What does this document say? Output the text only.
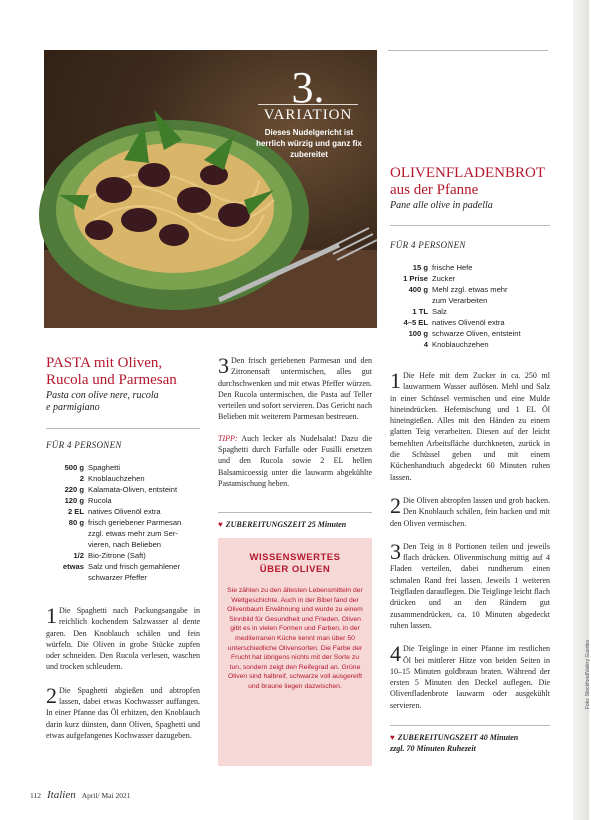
3.
VARIATION
Dieses Nudelgericht ist herrlich würzig und ganz fix zubereitet
PASTA mit Oliven,
Rucola und Parmesan
Pasta con olive nere, rucola
e parmigiano
FÜR 4 PERSONEN
500 g Spaghetti
2 Knoblauchzehen
220 g Kalamata-Oliven, entsteint
120 g Rucola
2 EL natives Olivenöl extra
80 g frisch geriebener Parmesan
zzgl. etwas mehr zum Ser-
vieren, nach Belieben
1/2 Bio-Zitrone (Saft)
etwas Salz und frisch gemahlener
schwarzer Pfeffer

1 Die Spaghetti nach Packungsangabe in reichlich kochendem Salzwasser al dente garen. Den Knoblauch schälen und fein würfeln. Die Oliven in grobe Stücke zupfen oder schneiden. Den Rucola verlesen, waschen und trocken schleudern.

2 Die Spaghetti abgießen und abtropfen lassen, dabei etwas Kochwasser auffangen. In einer Pfanne das Öl erhitzen, den Knoblauch darin kurz dünsten, dann Oliven, Spaghetti und etwas aufgefangenes Kochwasser dazugeben.

3 Den frisch geriebenen Parmesan und den Zitronensaft untermischen, alles gut durchschwenken und mit etwas Pfeffer würzen. Den Rucola untermischen, die Pasta auf Teller verteilen und sofort servieren. Das Gericht nach Belieben mit weiterem Parmesan bestreuen.

TIPP: Auch lecker als Nudelsalat! Dazu die Spaghetti durch Farfalle oder Fusilli ersetzen und den Rucola sowie 2 EL hellen Balsamicoessig unter die lauwarm abgekühlte Pastamischung heben.

♥ ZUBEREITUNGSZEIT 25 Minuten
WISSENSWERTES
ÜBER OLIVEN
Sie zählen zu den ältesten Lebensmitteln der Weltgeschichte. Auch in der Bibel fand der Olivenbaum Erwähnung und wurde zu einem Sinnbild für Gesundheit und Frieden. Oliven gibt es in vielen Formen und Farben, in der mediterranen Küche kennt man über 50 unterschiedliche Olivensorten. Die Farbe der Frucht hat übrigens nichts mit der Sorte zu tun, sondern zeigt den Reifegrad an. Grüne Oliven sind halbreif, schwarze voll ausgereift und braune liegen dazwischen.
OLIVENFLADENBROT
aus der Pfanne
Pane alle olive in padella
FÜR 4 PERSONEN
15 g frische Hefe
1 Prise Zucker
400 g Mehl zzgl. etwas mehr
zum Verarbeiten
1 TL Salz
4–5 EL natives Olivenöl extra
100 g schwarze Oliven, entsteint
4 Knoblauchzehen

1 Die Hefe mit dem Zucker in ca. 250 ml lauwarmem Wasser auflösen. Mehl und Salz in einer Schüssel vermischen und eine Mulde hineindrücken. Hefemischung und 1 EL Öl hineingießen. Alles mit den Händen zu einem glatten Teig verarbeiten. Diesen auf der leicht bemehlten Arbeitsfläche durchkneten, zurück in die Schüssel geben und mit einem Küchenhandtuch abgedeckt 60 Minuten ruhen lassen.

2 Die Oliven abtropfen lassen und grob hacken. Den Knoblauch schälen, fein hacken und mit den Oliven vermischen.

3 Den Teig in 8 Portionen teilen und jeweils flach drücken. Olivenmischung mittig auf 4 Fladen verteilen, dabei rundherum einen schmalen Rand frei lassen. Jeweils 1 weiteren Teigfladen darauflegen. Die Teiglinge leicht flach drücken und an den Rändern gut zusammendrücken, ca. 10 Minuten abgedeckt ruhen lassen.

4 Die Teiglinge in einer Pfanne im restlichen Öl bei mittlerer Hitze von beiden Seiten in 10–15 Minuten goldbraun braten. Während der ersten 5 Minuten den Deckel auflegen. Die Olivenfladenbrote lauwarm oder ausgekühlt servieren.

♥ ZUBEREITUNGSZEIT 40 Minuten
zzgl. 70 Minuten Ruhezeit
112 Italien April/ Mai 2021
Foto: Stockfood/Valéry Guedes
